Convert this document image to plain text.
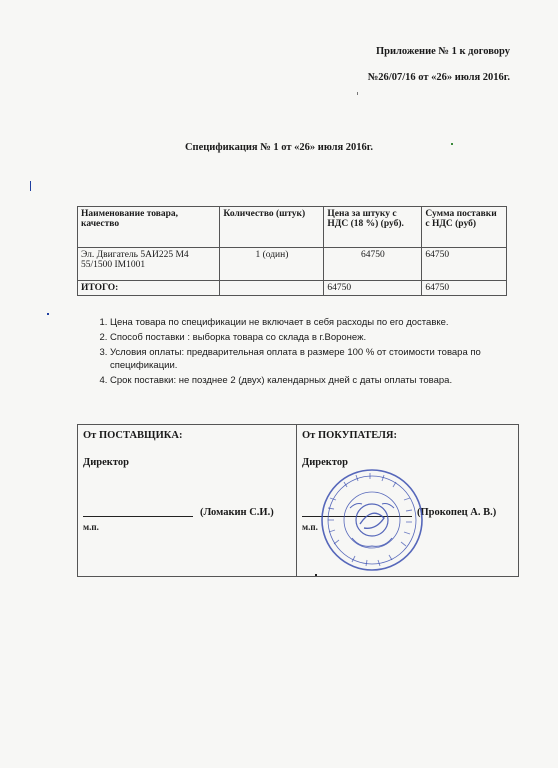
Приложение № 1 к договору
№26/07/16 от «26» июля 2016г.
Спецификация № 1 от «26» июля 2016г.
Наименование товара, качество	Количество (штук)	Цена за штуку с НДС (18 %) (руб).	Сумма поставки с НДС (руб)
Эл. Двигатель 5АИ225 М4 55/1500 IM1001	1 (один)	64750	64750
ИТОГО:		64750	64750
1. Цена товара по спецификации не включает в себя расходы по его доставке.
2. Способ поставки : выборка товара со склада в г.Воронеж.
3. Условия оплаты: предварительная оплата в размере 100 % от стоимости товара по спецификации.
4. Срок поставки: не позднее 2 (двух) календарных дней с даты оплаты товара.
От ПОСТАВЩИКА:
Директор
(Ломакин С.И.)
м.п.
От ПОКУПАТЕЛЯ:
Директор
(Прокопец А. В.)
м.п.
